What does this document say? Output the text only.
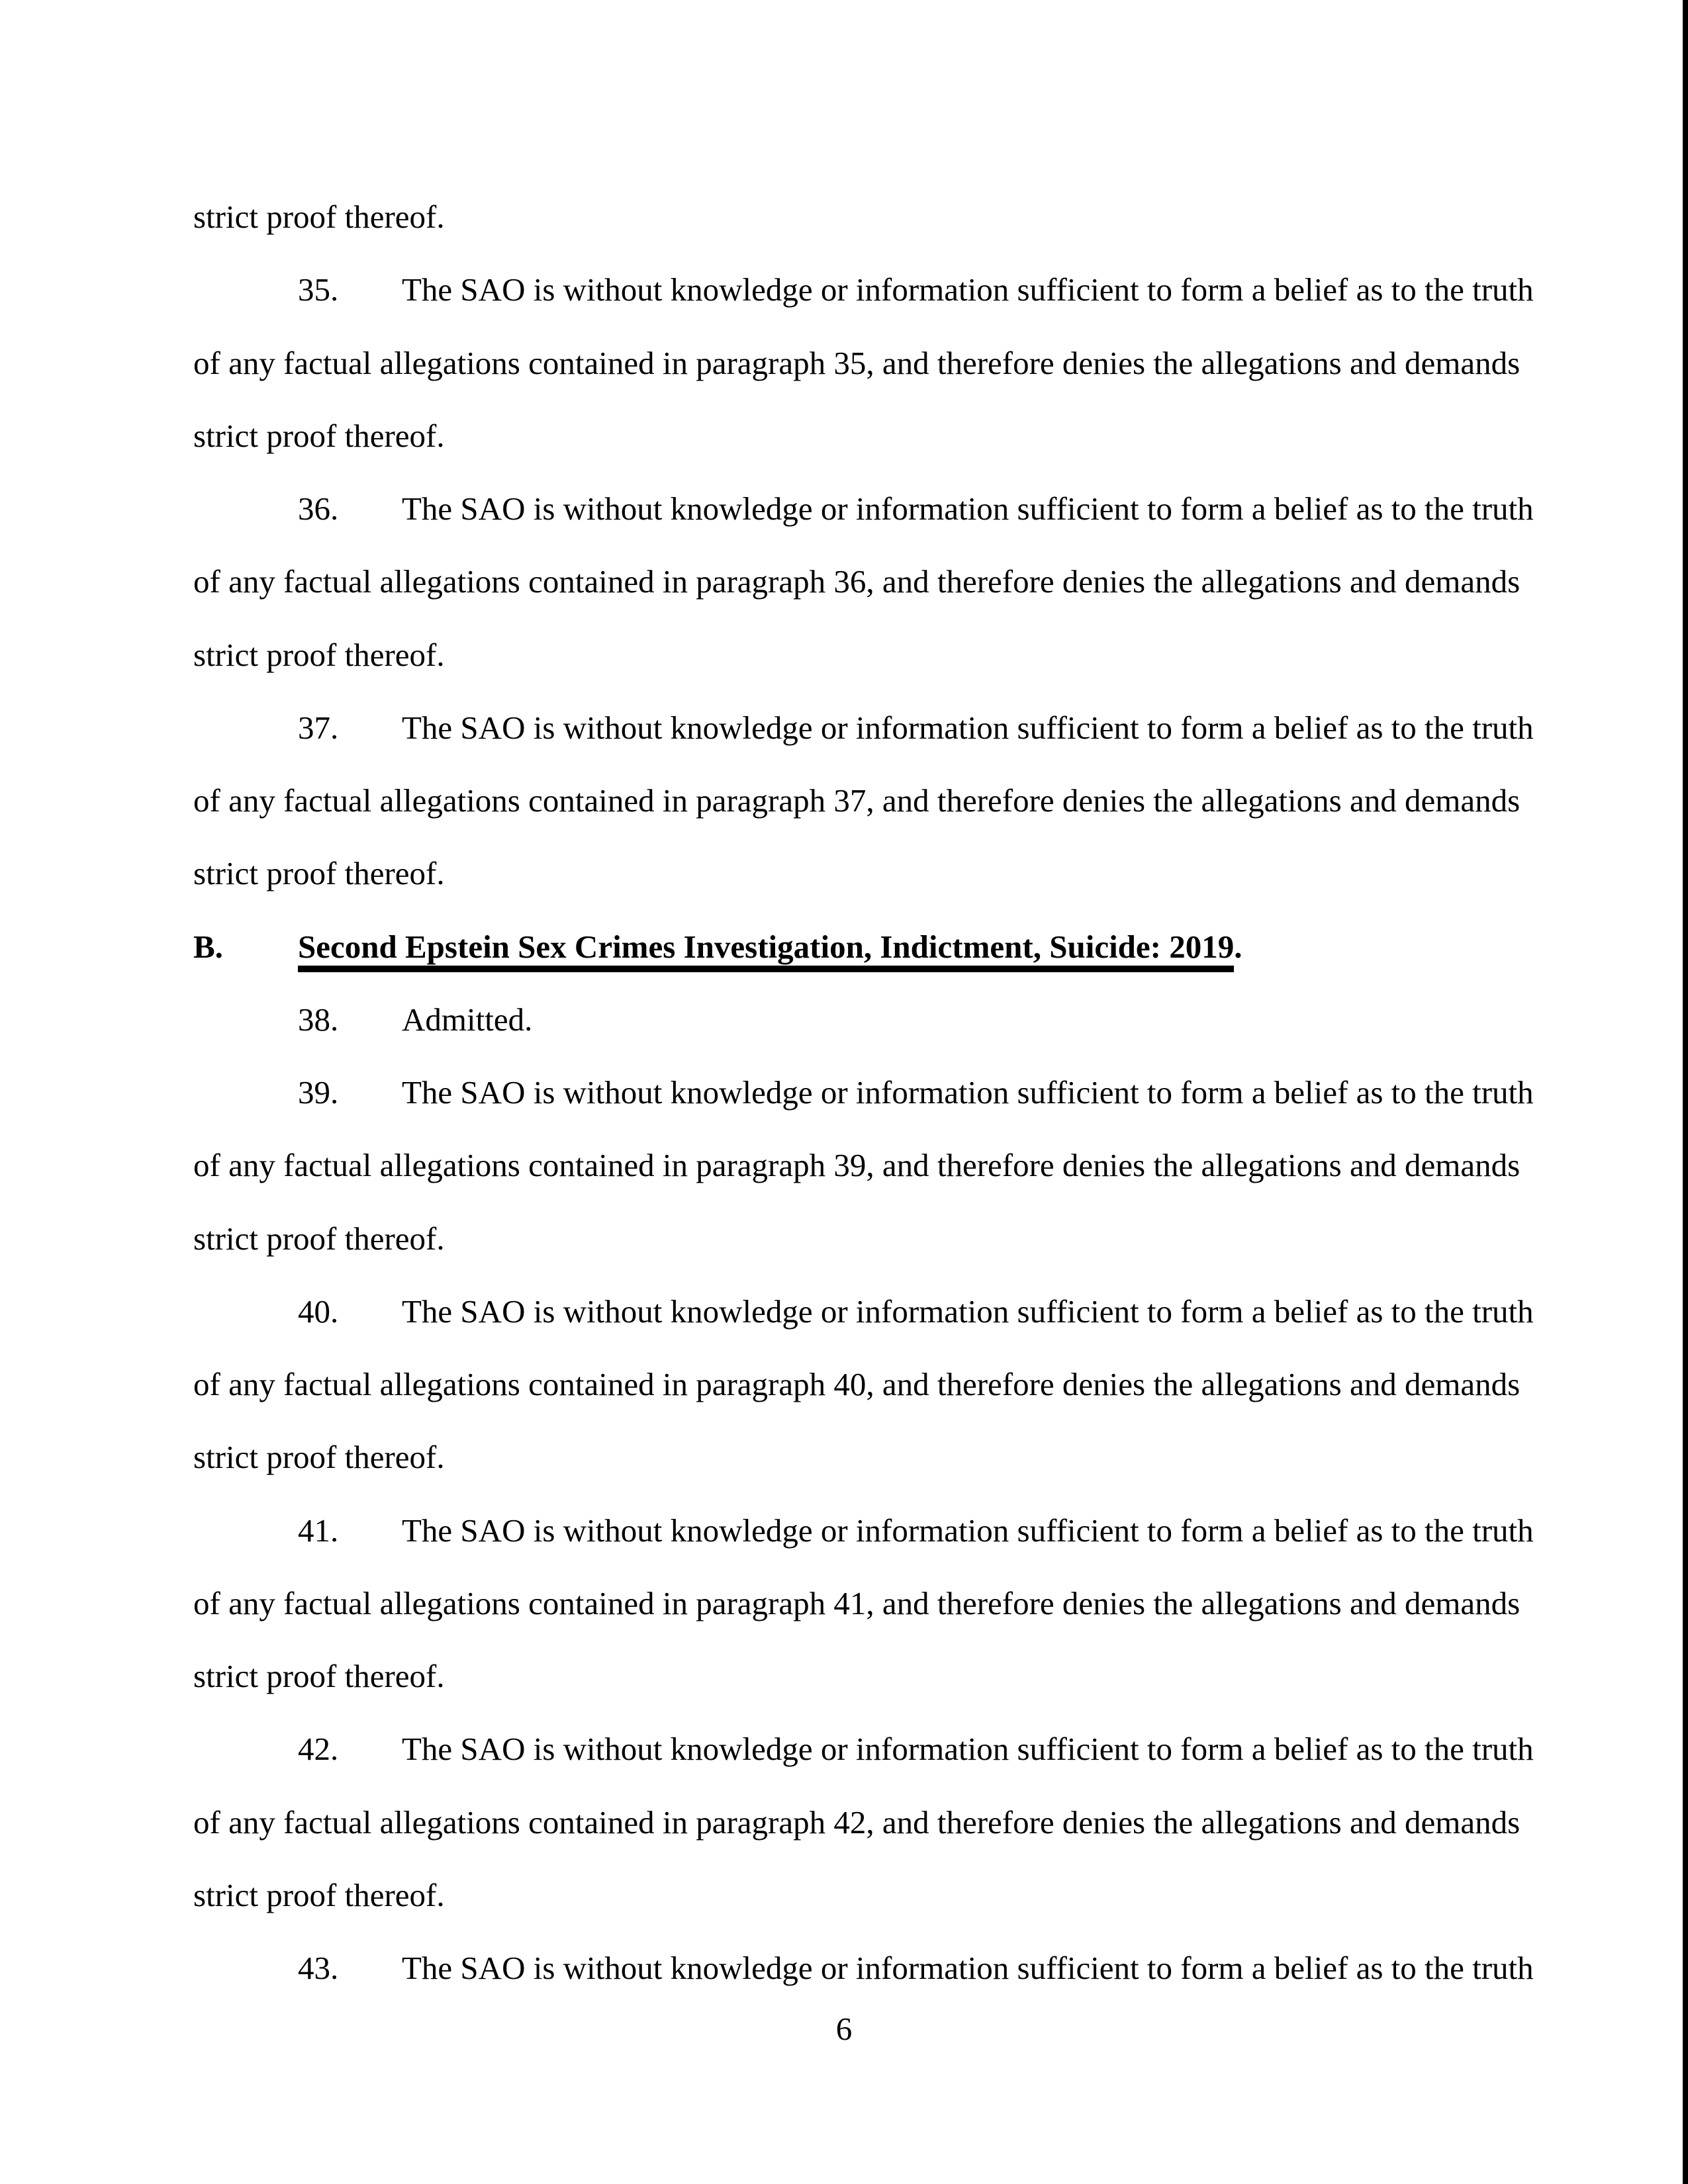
strict proof thereof.
35. The SAO is without knowledge or information sufficient to form a belief as to the truth
of any factual allegations contained in paragraph 35, and therefore denies the allegations and demands
strict proof thereof.
36. The SAO is without knowledge or information sufficient to form a belief as to the truth
of any factual allegations contained in paragraph 36, and therefore denies the allegations and demands
strict proof thereof.
37. The SAO is without knowledge or information sufficient to form a belief as to the truth
of any factual allegations contained in paragraph 37, and therefore denies the allegations and demands
strict proof thereof.
B. Second Epstein Sex Crimes Investigation, Indictment, Suicide: 2019.
38. Admitted.
39. The SAO is without knowledge or information sufficient to form a belief as to the truth
of any factual allegations contained in paragraph 39, and therefore denies the allegations and demands
strict proof thereof.
40. The SAO is without knowledge or information sufficient to form a belief as to the truth
of any factual allegations contained in paragraph 40, and therefore denies the allegations and demands
strict proof thereof.
41. The SAO is without knowledge or information sufficient to form a belief as to the truth
of any factual allegations contained in paragraph 41, and therefore denies the allegations and demands
strict proof thereof.
42. The SAO is without knowledge or information sufficient to form a belief as to the truth
of any factual allegations contained in paragraph 42, and therefore denies the allegations and demands
strict proof thereof.
43. The SAO is without knowledge or information sufficient to form a belief as to the truth
6
